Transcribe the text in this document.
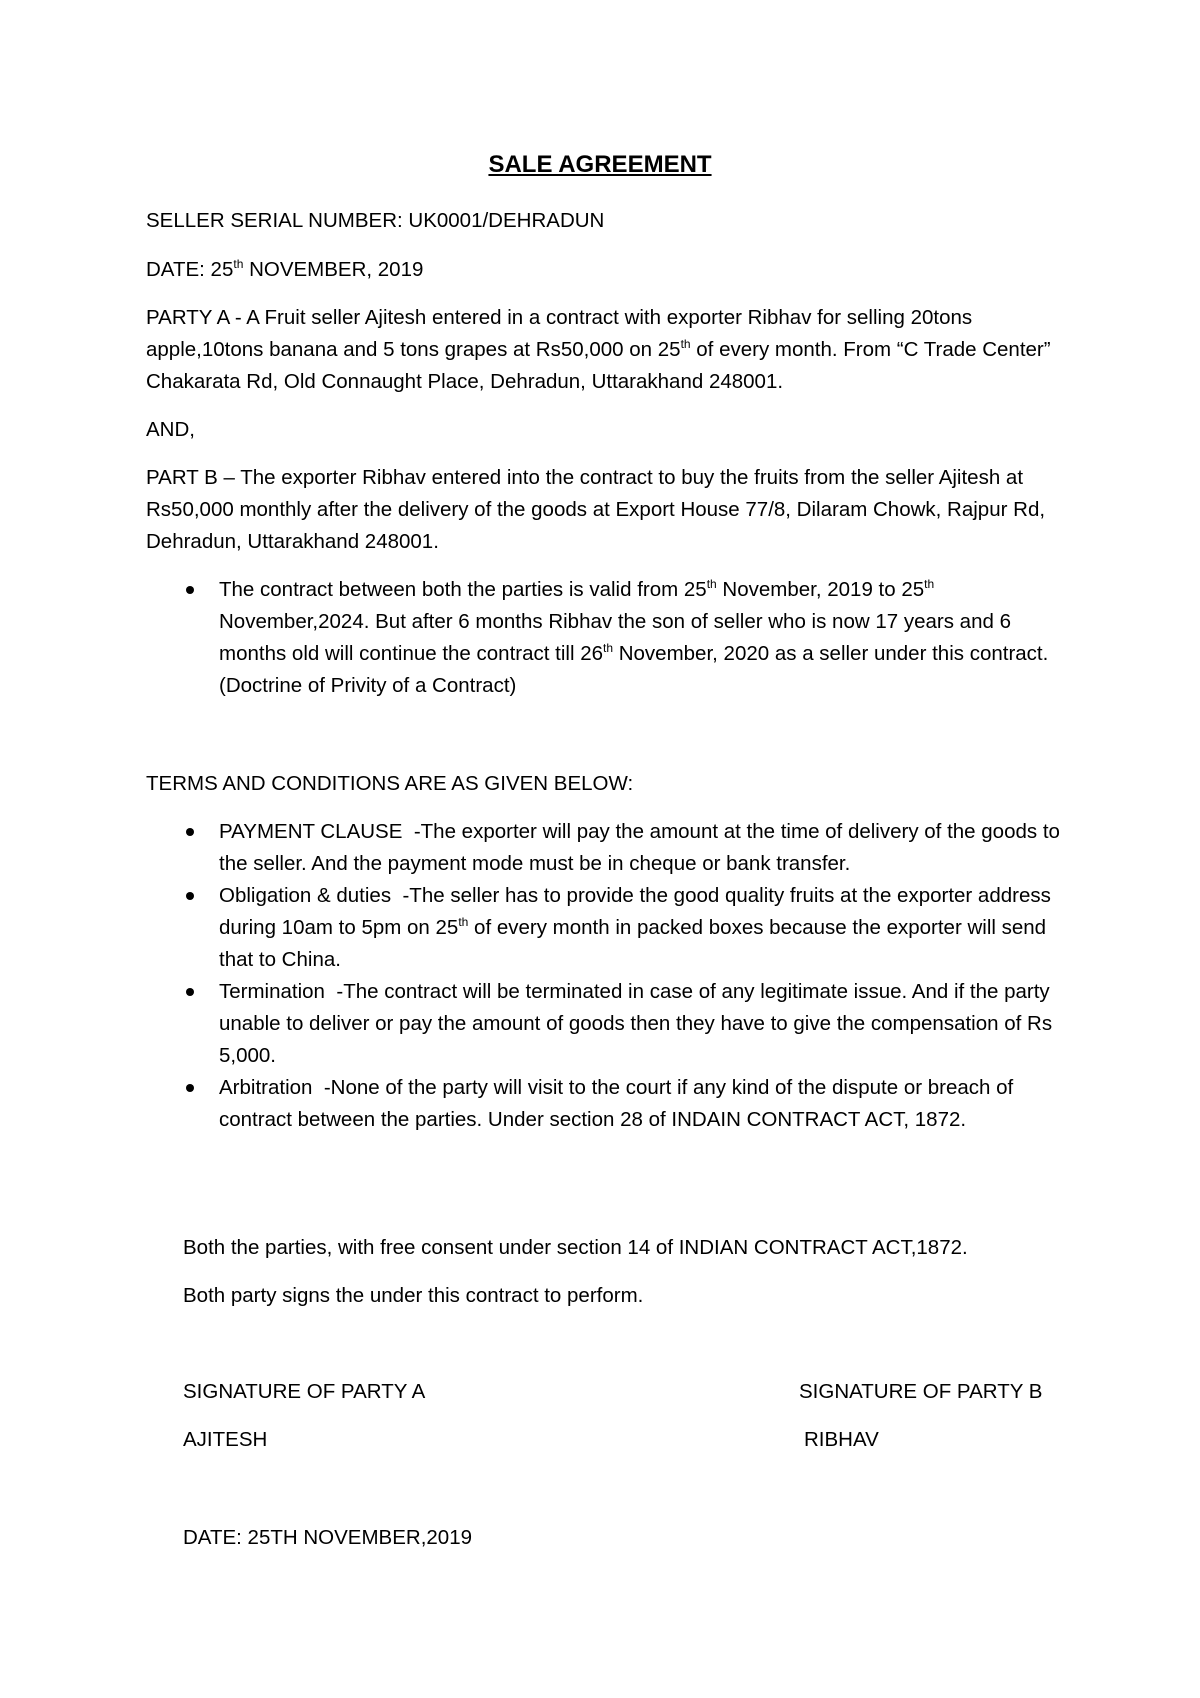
SALE AGREEMENT

SELLER SERIAL NUMBER: UK0001/DEHRADUN

DATE: 25th NOVEMBER, 2019

PARTY A - A Fruit seller Ajitesh entered in a contract with exporter Ribhav for selling 20tons apple,10tons banana and 5 tons grapes at Rs50,000 on 25th of every month. From “C Trade Center” Chakarata Rd, Old Connaught Place, Dehradun, Uttarakhand 248001.

AND,

PART B – The exporter Ribhav entered into the contract to buy the fruits from the seller Ajitesh at Rs50,000 monthly after the delivery of the goods at Export House 77/8, Dilaram Chowk, Rajpur Rd, Dehradun, Uttarakhand 248001.

The contract between both the parties is valid from 25th November, 2019 to 25th November,2024. But after 6 months Ribhav the son of seller who is now 17 years and 6 months old will continue the contract till 26th November, 2020 as a seller under this contract. (Doctrine of Privity of a Contract)

TERMS AND CONDITIONS ARE AS GIVEN BELOW:

PAYMENT CLAUSE -The exporter will pay the amount at the time of delivery of the goods to the seller. And the payment mode must be in cheque or bank transfer.
Obligation & duties -The seller has to provide the good quality fruits at the exporter address during 10am to 5pm on 25th of every month in packed boxes because the exporter will send that to China.
Termination -The contract will be terminated in case of any legitimate issue. And if the party unable to deliver or pay the amount of goods then they have to give the compensation of Rs 5,000.
Arbitration -None of the party will visit to the court if any kind of the dispute or breach of contract between the parties. Under section 28 of INDAIN CONTRACT ACT, 1872.

Both the parties, with free consent under section 14 of INDIAN CONTRACT ACT,1872.

Both party signs the under this contract to perform.

SIGNATURE OF PARTY A	SIGNATURE OF PARTY B

AJITESH	RIBHAV

DATE: 25TH NOVEMBER,2019
